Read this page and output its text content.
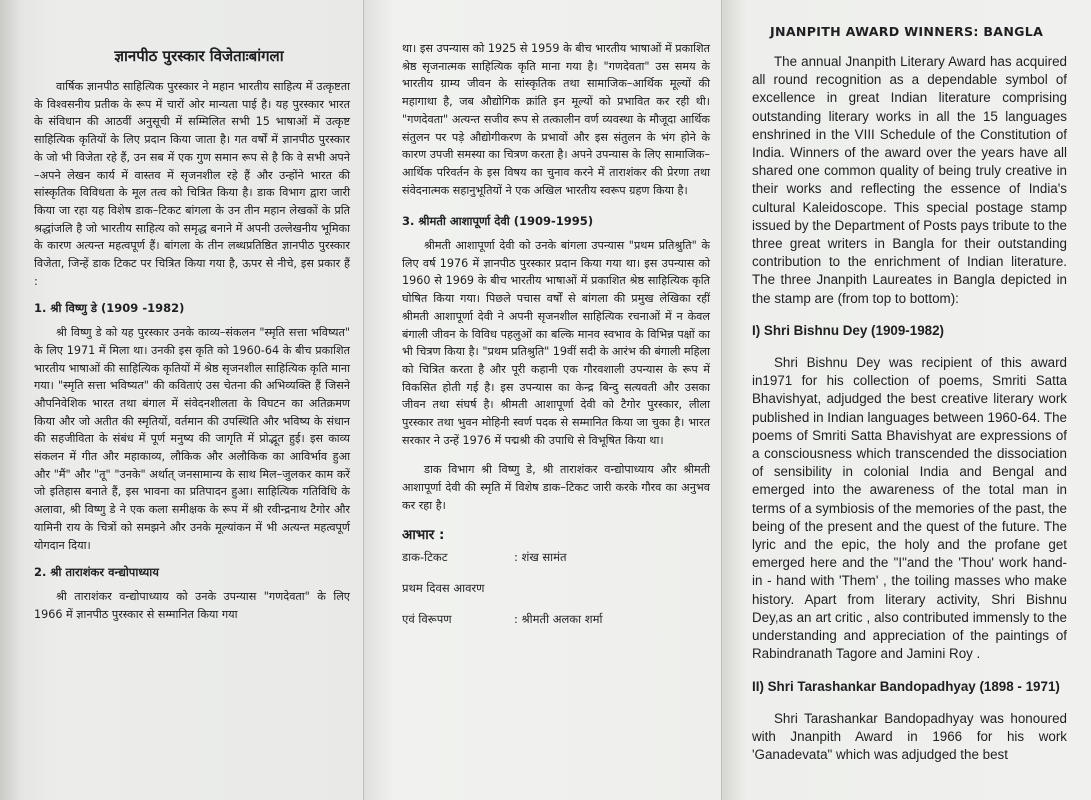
ज्ञानपीठ पुरस्कार विजेताःबांगला

वार्षिक ज्ञानपीठ साहित्यिक पुरस्कार ने महान भारतीय साहित्य में उत्कृष्टता के विश्वसनीय प्रतीक के रूप में चारों ओर मान्यता पाई है। यह पुरस्कार भारत के संविधान की आठवीं अनुसूची में सम्मिलित सभी 15 भाषाओं में उत्कृष्ट साहित्यिक कृतियों के लिए प्रदान किया जाता है। गत वर्षों में ज्ञानपीठ पुरस्कार के जो भी विजेता रहे हैं, उन सब में एक गुण समान रूप से है कि वे सभी अपने –अपने लेखन कार्य में वास्तव में सृजनशील रहे हैं और उन्होंने भारत की सांस्कृतिक विविधता के मूल तत्व को चित्रित किया है। डाक विभाग द्वारा जारी किया जा रहा यह विशेष डाक–टिकट बांगला के उन तीन महान लेखकों के प्रति श्रद्धांजलि है जो भारतीय साहित्य को समृद्ध बनाने में अपनी उल्लेखनीय भूमिका के कारण अत्यन्त महत्वपूर्ण हैं। बांगला के तीन लब्धप्रतिष्ठित ज्ञानपीठ पुरस्कार विजेता, जिन्हें डाक टिकट पर चित्रित किया गया है, ऊपर से नीचे, इस प्रकार हैं :

1. श्री विष्णु डे (1909 -1982)

श्री विष्णु डे को यह पुरस्कार उनके काव्य–संकलन "स्मृति सत्ता भविष्यत" के लिए 1971 में मिला था। उनकी इस कृति को 1960-64 के बीच प्रकाशित भारतीय भाषाओं की साहित्यिक कृतियों में श्रेष्ठ सृजनशील साहित्यिक कृति माना गया। "स्मृति सत्ता भविष्यत" की कविताएं उस चेतना की अभिव्यक्ति हैं जिसने औपनिवेशिक भारत तथा बंगाल में संवेदनशीलता के विघटन का अतिक्रमण किया और जो अतीत की स्मृतियों, वर्तमान की उपस्थिति और भविष्य के संधान की सहजीविता के संबंध में पूर्ण मनुष्य की जागृति में प्रोद्भूत हुई। इस काव्य संकलन में गीत और महाकाव्य, लौकिक और अलौकिक का आविर्भाव हुआ और "मैं" और "तू" "उनके" अर्थात् जनसामान्य के साथ मिल–जुलकर काम करें जो इतिहास बनाते हैं, इस भावना का प्रतिपादन हुआ। साहित्यिक गतिविधि के अलावा, श्री विष्णु डे ने एक कला समीक्षक के रूप में श्री रवीन्द्रनाथ टैगोर और यामिनी राय के चित्रों को समझने और उनके मूल्यांकन में भी अत्यन्त महत्वपूर्ण योगदान दिया।

2. श्री ताराशंकर वन्द्योपाध्याय

श्री ताराशंकर वन्द्योपाध्याय को उनके उपन्यास "गणदेवता" के लिए 1966 में ज्ञानपीठ पुरस्कार से सम्मानित किया गया

था। इस उपन्यास को 1925 से 1959 के बीच भारतीय भाषाओं में प्रकाशित श्रेष्ठ सृजनात्मक साहित्यिक कृति माना गया है। "गणदेवता" उस समय के भारतीय ग्राम्य जीवन के सांस्कृतिक तथा सामाजिक–आर्थिक मूल्यों की महागाथा है, जब औद्योगिक क्रांति इन मूल्यों को प्रभावित कर रही थी। "गणदेवता" अत्यन्त सजीव रूप से तत्कालीन वर्ण व्यवस्था के मौजूदा आर्थिक संतुलन पर पड़े औद्योगीकरण के प्रभावों और इस संतुलन के भंग होने के कारण उपजी समस्या का चित्रण करता है। अपने उपन्यास के लिए सामाजिक–आर्थिक परिवर्तन के इस विषय का चुनाव करने में ताराशंकर की प्रेरणा तथा संवेदनात्मक सहानुभूतियों ने एक अखिल भारतीय स्वरूप ग्रहण किया है।

3. श्रीमती आशापूर्णा देवी (1909-1995)

श्रीमती आशापूर्णा देवी को उनके बांगला उपन्यास "प्रथम प्रतिश्रुति" के लिए वर्ष 1976 में ज्ञानपीठ पुरस्कार प्रदान किया गया था। इस उपन्यास को 1960 से 1969 के बीच भारतीय भाषाओं में प्रकाशित श्रेष्ठ साहित्यिक कृति घोषित किया गया। पिछले पचास वर्षों से बांगला की प्रमुख लेखिका रहीं श्रीमती आशापूर्णा देवी ने अपनी सृजनशील साहित्यिक रचनाओं में न केवल बंगाली जीवन के विविध पहलुओं का बल्कि मानव स्वभाव के विभिन्न पक्षों का भी चित्रण किया है। "प्रथम प्रतिश्रुति" 19वीं सदी के आरंभ की बंगाली महिला को चित्रित करता है और पूरी कहानी एक गौरवशाली उपन्यास के रूप में विकसित होती गई है। इस उपन्यास का केन्द्र बिन्दु सत्यवती और उसका जीवन तथा संघर्ष है। श्रीमती आशापूर्णा देवी को टैगोर पुरस्कार, लीला पुरस्कार तथा भुवन मोहिनी स्वर्ण पदक से सम्मानित किया जा चुका है। भारत सरकार ने उन्हें 1976 में पद्मश्री की उपाधि से विभूषित किया था।

डाक विभाग श्री विष्णु डे, श्री ताराशंकर वन्द्योपाध्याय और श्रीमती आशापूर्णा देवी की स्मृति में विशेष डाक–टिकट जारी करके गौरव का अनुभव कर रहा है।

आभार :
डाक-टिकट	: शंख सामंत
प्रथम दिवस आवरण
एवं विरूपण	: श्रीमती अलका शर्मा
JNANPITH AWARD WINNERS: BANGLA

The annual Jnanpith Literary Award has acquired all round recognition as a dependable symbol of excellence in great Indian literature comprising outstanding literary works in all the 15 languages enshrined in the VIII Schedule of the Constitution of India. Winners of the award over the years have all shared one common quality of being truly creative in their works and reflecting the essence of India's cultural Kaleidoscope. This special postage stamp issued by the Department of Posts pays tribute to the three great writers in Bangla for their outstanding contribution to the enrichment of Indian literature. The three Jnanpith Laureates in Bangla depicted in the stamp are (from top to bottom):

I) Shri Bishnu Dey (1909-1982)

Shri Bishnu Dey was recipient of this award in1971 for his collection of poems, Smriti Satta Bhavishyat, adjudged the best creative literary work published in Indian languages between 1960-64. The poems of Smriti Satta Bhavishyat are expressions of a consciousness which transcended the dissociation of sensibility in colonial India and Bengal and emerged into the awareness of the total man in terms of a symbiosis of the memories of the past, the being of the present and the quest of the future. The lyric and the epic, the holy and the profane get emerged here and the "I"and the 'Thou' work hand- in - hand with 'Them' , the toiling masses who make history. Apart from literary activity, Shri Bishnu Dey,as an art critic , also contributed immensly to the understanding and appreciation of the paintings of Rabindranath Tagore and Jamini Roy .

II) Shri Tarashankar Bandopadhyay (1898 - 1971)

Shri Tarashankar Bandopadhyay was honoured with Jnanpith Award in 1966 for his work 'Ganadevata" which was adjudged the best
